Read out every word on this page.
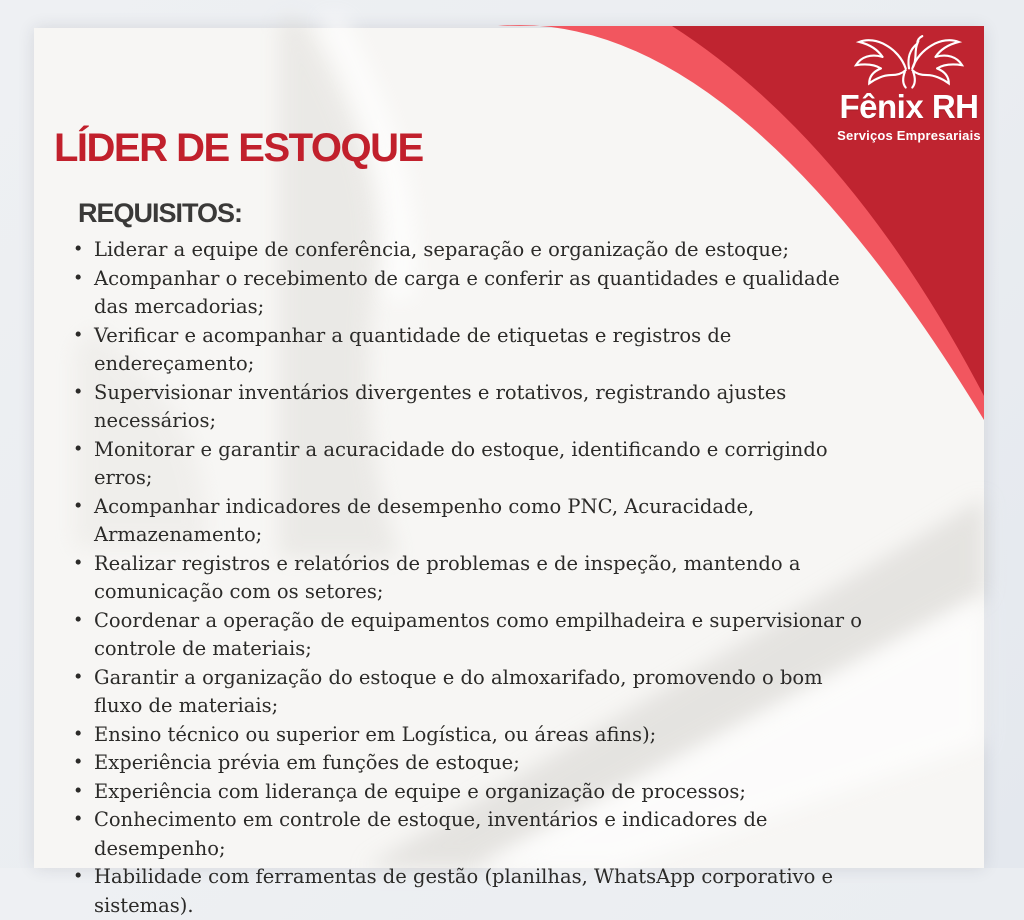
Fênix RH
Serviços Empresariais
LÍDER DE ESTOQUE
REQUISITOS:
• Liderar a equipe de conferência, separação e organização de estoque;
• Acompanhar o recebimento de carga e conferir as quantidades e qualidade das mercadorias;
• Verificar e acompanhar a quantidade de etiquetas e registros de endereçamento;
• Supervisionar inventários divergentes e rotativos, registrando ajustes necessários;
• Monitorar e garantir a acuracidade do estoque, identificando e corrigindo erros;
• Acompanhar indicadores de desempenho como PNC, Acuracidade, Armazenamento;
• Realizar registros e relatórios de problemas e de inspeção, mantendo a comunicação com os setores;
• Coordenar a operação de equipamentos como empilhadeira e supervisionar o controle de materiais;
• Garantir a organização do estoque e do almoxarifado, promovendo o bom fluxo de materiais;
• Ensino técnico ou superior em Logística, ou áreas afins);
• Experiência prévia em funções de estoque;
• Experiência com liderança de equipe e organização de processos;
• Conhecimento em controle de estoque, inventários e indicadores de desempenho;
• Habilidade com ferramentas de gestão (planilhas, WhatsApp corporativo e sistemas).
